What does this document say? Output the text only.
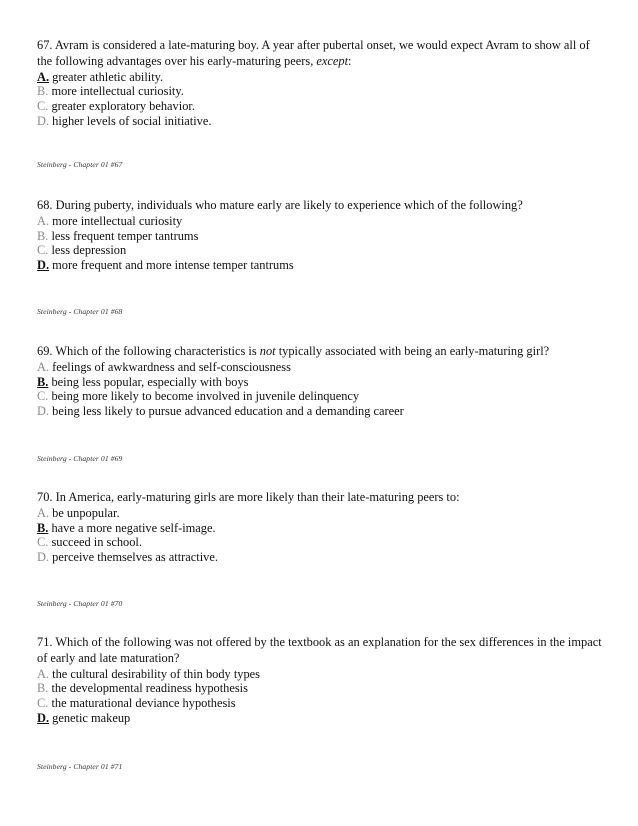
67. Avram is considered a late-maturing boy. A year after pubertal onset, we would expect Avram to show all of the following advantages over his early-maturing peers, except:

A. greater athletic ability.
B. more intellectual curiosity.
C. greater exploratory behavior.
D. higher levels of social initiative.
Steinberg - Chapter 01 #67

68. During puberty, individuals who mature early are likely to experience which of the following?

A. more intellectual curiosity
B. less frequent temper tantrums
C. less depression
D. more frequent and more intense temper tantrums
Steinberg - Chapter 01 #68

69. Which of the following characteristics is not typically associated with being an early-maturing girl?

A. feelings of awkwardness and self-consciousness
B. being less popular, especially with boys
C. being more likely to become involved in juvenile delinquency
D. being less likely to pursue advanced education and a demanding career
Steinberg - Chapter 01 #69

70. In America, early-maturing girls are more likely than their late-maturing peers to:

A. be unpopular.
B. have a more negative self-image.
C. succeed in school.
D. perceive themselves as attractive.
Steinberg - Chapter 01 #70

71. Which of the following was not offered by the textbook as an explanation for the sex differences in the impact of early and late maturation?

A. the cultural desirability of thin body types
B. the developmental readiness hypothesis
C. the maturational deviance hypothesis
D. genetic makeup
Steinberg - Chapter 01 #71
